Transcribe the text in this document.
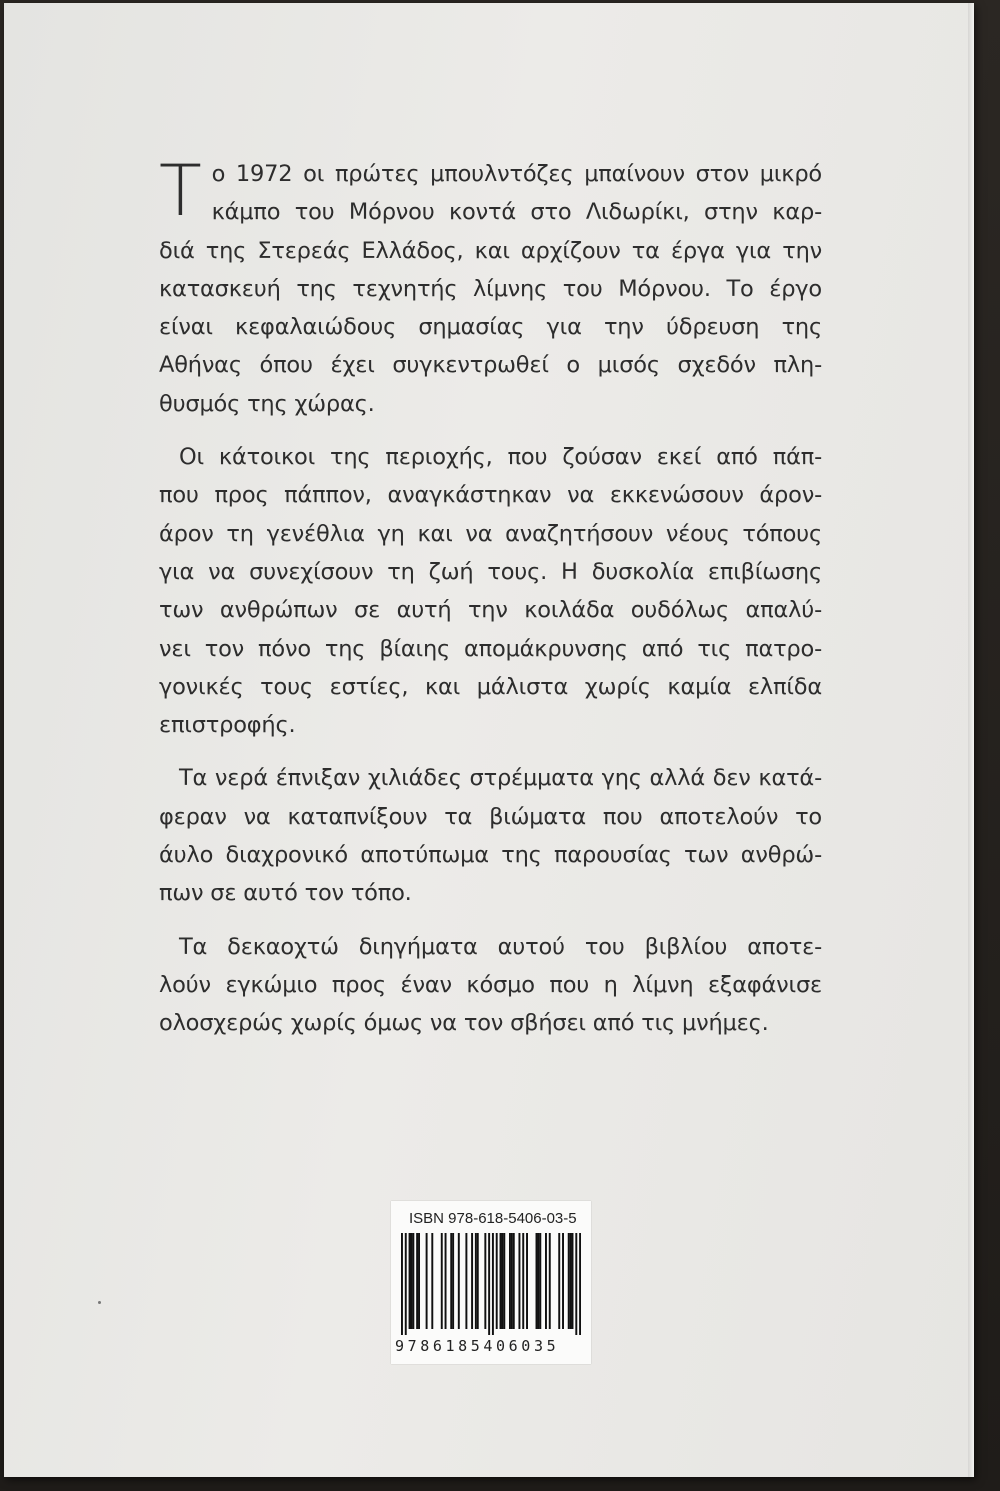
Τ ο 1972 οι πρώτες μπουλντόζες μπαίνουν στον μικρό
κάμπο του Μόρνου κοντά στο Λιδωρίκι, στην καρ-
διά της Στερεάς Ελλάδος, και αρχίζουν τα έργα για την
κατασκευή της τεχνητής λίμνης του Μόρνου. Το έργο
είναι κεφαλαιώδους σημασίας για την ύδρευση της
Αθήνας όπου έχει συγκεντρωθεί ο μισός σχεδόν πλη-
θυσμός της χώρας.

Οι κάτοικοι της περιοχής, που ζούσαν εκεί από πάπ-
που προς πάππον, αναγκάστηκαν να εκκενώσουν άρον-
άρον τη γενέθλια γη και να αναζητήσουν νέους τόπους
για να συνεχίσουν τη ζωή τους. Η δυσκολία επιβίωσης
των ανθρώπων σε αυτή την κοιλάδα ουδόλως απαλύ-
νει τον πόνο της βίαιης απομάκρυνσης από τις πατρο-
γονικές τους εστίες, και μάλιστα χωρίς καμία ελπίδα
επιστροφής.

Τα νερά έπνιξαν χιλιάδες στρέμματα γης αλλά δεν κατά-
φεραν να καταπνίξουν τα βιώματα που αποτελούν το
άυλο διαχρονικό αποτύπωμα της παρουσίας των ανθρώ-
πων σε αυτό τον τόπο.

Τα δεκαοχτώ διηγήματα αυτού του βιβλίου αποτε-
λούν εγκώμιο προς έναν κόσμο που η λίμνη εξαφάνισε
ολοσχερώς χωρίς όμως να τον σβήσει από τις μνήμες.

ISBN 978-618-5406-03-5
9786185406035
